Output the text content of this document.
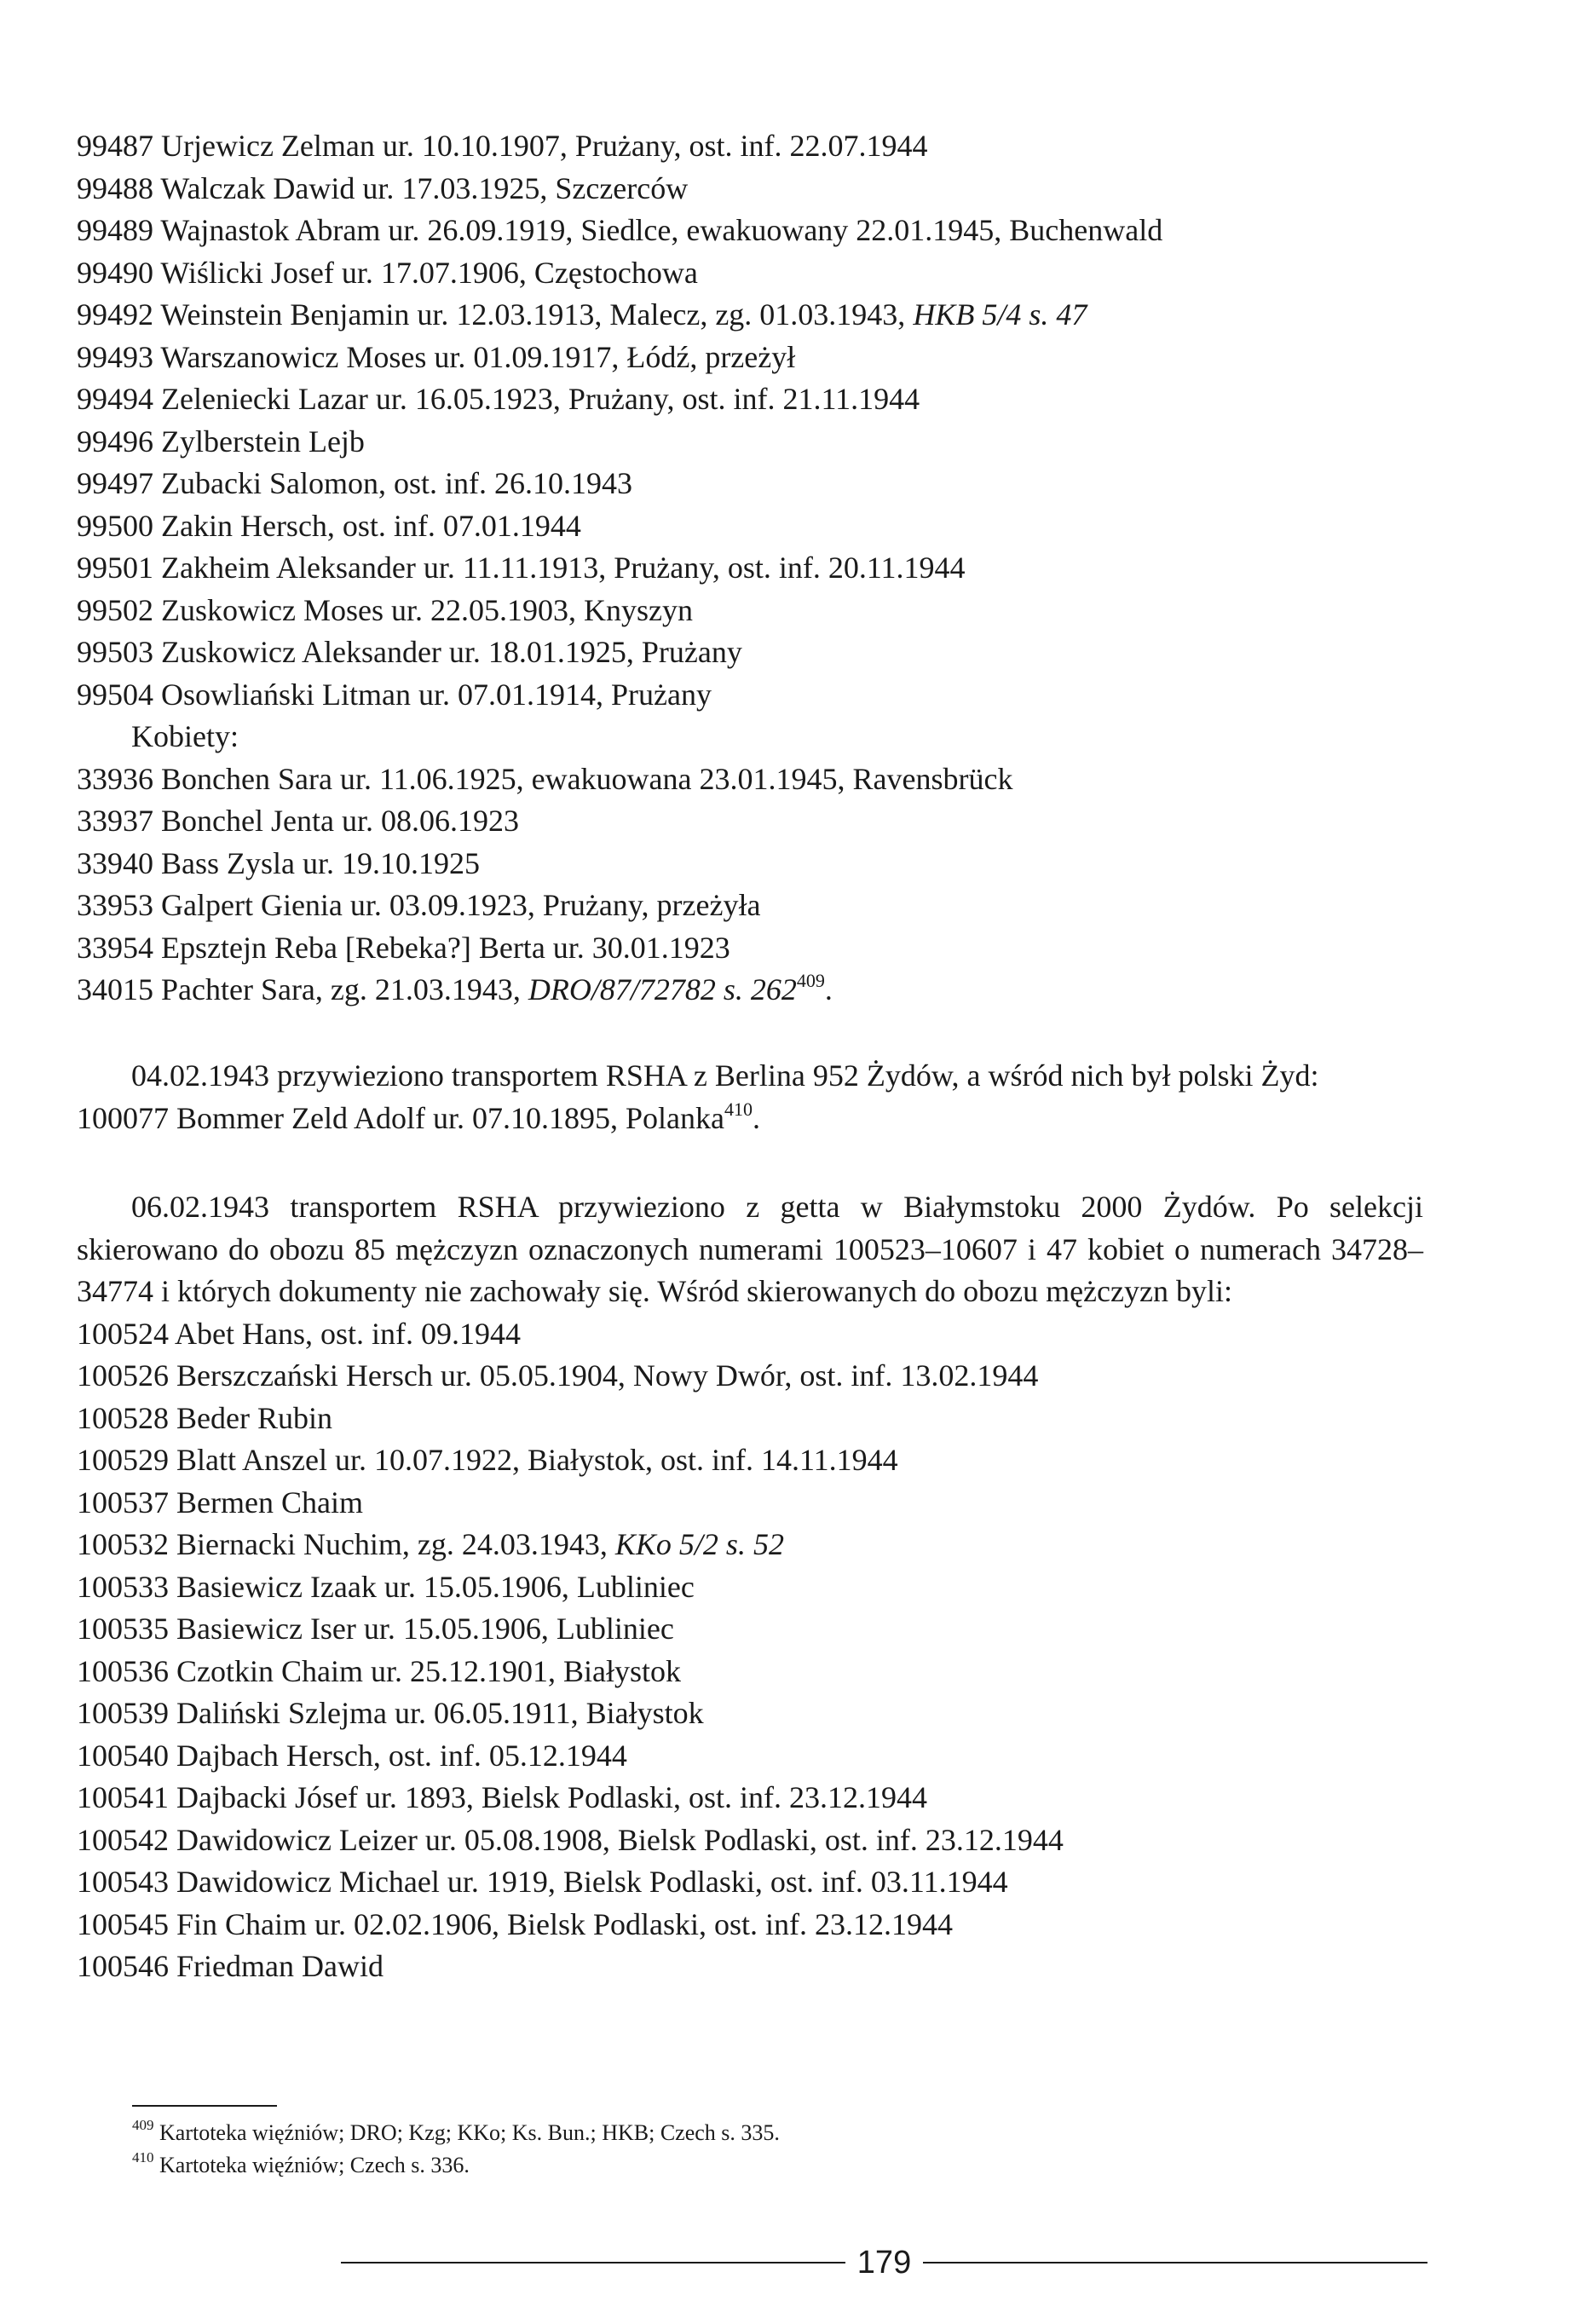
99487 Urjewicz Zelman ur. 10.10.1907, Prużany, ost. inf. 22.07.1944
99488 Walczak Dawid ur. 17.03.1925, Szczerców
99489 Wajnastok Abram ur. 26.09.1919, Siedlce, ewakuowany 22.01.1945, Buchenwald
99490 Wiślicki Josef ur. 17.07.1906, Częstochowa
99492 Weinstein Benjamin ur. 12.03.1913, Malecz, zg. 01.03.1943, HKB 5/4 s. 47
99493 Warszanowicz Moses ur. 01.09.1917, Łódź, przeżył
99494 Zeleniecki Lazar ur. 16.05.1923, Prużany, ost. inf. 21.11.1944
99496 Zylberstein Lejb
99497 Zubacki Salomon, ost. inf. 26.10.1943
99500 Zakin Hersch, ost. inf. 07.01.1944
99501 Zakheim Aleksander ur. 11.11.1913, Prużany, ost. inf. 20.11.1944
99502 Zuskowicz Moses ur. 22.05.1903, Knyszyn
99503 Zuskowicz Aleksander ur. 18.01.1925, Prużany
99504 Osowliański Litman ur. 07.01.1914, Prużany
Kobiety:
33936 Bonchen Sara ur. 11.06.1925, ewakuowana 23.01.1945, Ravensbrück
33937 Bonchel Jenta ur. 08.06.1923
33940 Bass Zysla ur. 19.10.1925
33953 Galpert Gienia ur. 03.09.1923, Prużany, przeżyła
33954 Epsztejn Reba [Rebeka?] Berta ur. 30.01.1923
34015 Pachter Sara, zg. 21.03.1943, DRO/87/72782 s. $262^{409}$.
04.02.1943 przywieziono transportem RSHA z Berlina 952 Żydów, a wśród nich był polski Żyd:
100077 Bommer Zeld Adolf ur. 07.10.1895, Polanka$^{410}$.
06.02.1943 transportem RSHA przywieziono z getta w Białymstoku 2000 Żydów. Po selekcji skierowano do obozu 85 mężczyzn oznaczonych numerami 100523–10607 i 47 kobiet o numerach 34728–34774 i których dokumenty nie zachowały się. Wśród skierowanych do obozu mężczyzn byli:
100524 Abet Hans, ost. inf. 09.1944
100526 Berszczański Hersch ur. 05.05.1904, Nowy Dwór, ost. inf. 13.02.1944
100528 Beder Rubin
100529 Blatt Anszel ur. 10.07.1922, Białystok, ost. inf. 14.11.1944
100537 Bermen Chaim
100532 Biernacki Nuchim, zg. 24.03.1943, KKo 5/2 s. 52
100533 Basiewicz Izaak ur. 15.05.1906, Lubliniec
100535 Basiewicz Iser ur. 15.05.1906, Lubliniec
100536 Czotkin Chaim ur. 25.12.1901, Białystok
100539 Daliński Szlejma ur. 06.05.1911, Białystok
100540 Dajbach Hersch, ost. inf. 05.12.1944
100541 Dajbacki Jósef ur. 1893, Bielsk Podlaski, ost. inf. 23.12.1944
100542 Dawidowicz Leizer ur. 05.08.1908, Bielsk Podlaski, ost. inf. 23.12.1944
100543 Dawidowicz Michael ur. 1919, Bielsk Podlaski, ost. inf. 03.11.1944
100545 Fin Chaim ur. 02.02.1906, Bielsk Podlaski, ost. inf. 23.12.1944
100546 Friedman Dawid
$^{409}$ Kartoteka więźniów; DRO; Kzg; KKo; Ks. Bun.; HKB; Czech s. 335.
$^{410}$ Kartoteka więźniów; Czech s. 336.
179
